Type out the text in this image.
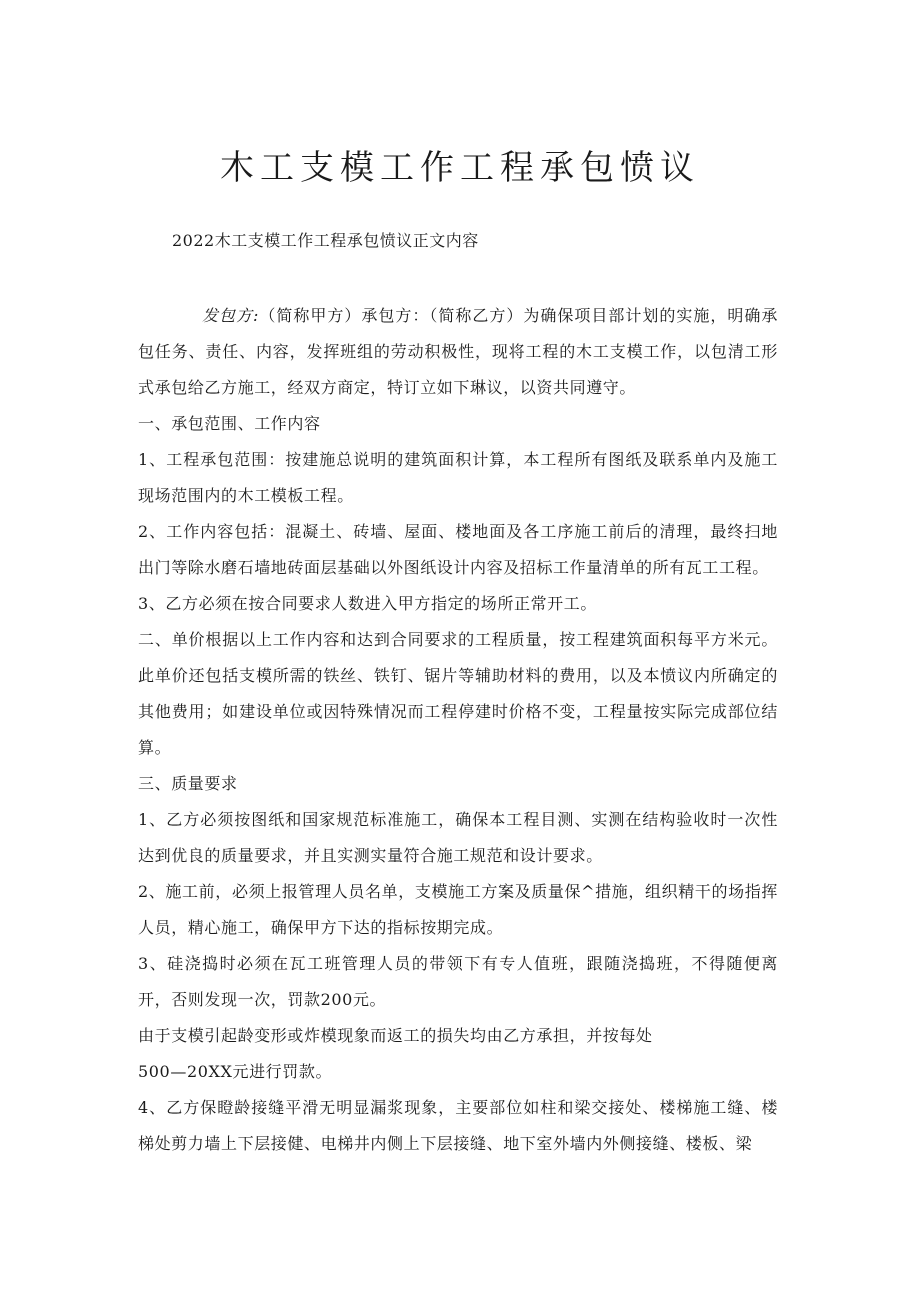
木工支模工作工程承包愤议

2022木工支模工作工程承包愤议正文内容

发包方:（简称甲方）承包方：（简称乙方）为确保项目部计划的实施，明确承包任务、责任、内容，发挥班组的劳动积极性，现将工程的木工支模工作，以包清工形式承包给乙方施工，经双方商定，特订立如下琳议，以资共同遵守。

一、承包范围、工作内容

1、工程承包范围：按建施总说明的建筑面积计算，本工程所有图纸及联系单内及施工现场范围内的木工模板工程。

2、工作内容包括：混凝土、砖墙、屋面、楼地面及各工序施工前后的清理，最终扫地出门等除水磨石墙地砖面层基础以外图纸设计内容及招标工作量清单的所有瓦工工程。

3、乙方必须在按合同要求人数进入甲方指定的场所正常开工。

二、单价根据以上工作内容和达到合同要求的工程质量，按工程建筑面积每平方米元。此单价还包括支模所需的铁丝、铁钉、锯片等辅助材料的费用，以及本愤议内所确定的其他费用；如建设单位或因特殊情况而工程停建时价格不变，工程量按实际完成部位结算。

三、质量要求

1、乙方必须按图纸和国家规范标准施工，确保本工程目测、实测在结构验收时一次性达到优良的质量要求，并且实测实量符合施工规范和设计要求。

2、施工前，必须上报管理人员名单，支模施工方案及质量保^措施，组织精干的场指挥人员，精心施工，确保甲方下达的指标按期完成。

3、硅浇捣时必须在瓦工班管理人员的带领下有专人值班，跟随浇捣班，不得随便离开，否则发现一次，罚款200元。

由于支模引起龄变形或炸模现象而返工的损失均由乙方承担，并按每处

500—20XX元进行罚款。

4、乙方保瞪龄接缝平滑无明显漏浆现象，主要部位如柱和梁交接处、楼梯施工缝、楼梯处剪力墙上下层接健、电梯井内侧上下层接缝、地下室外墙内外侧接缝、楼板、梁
